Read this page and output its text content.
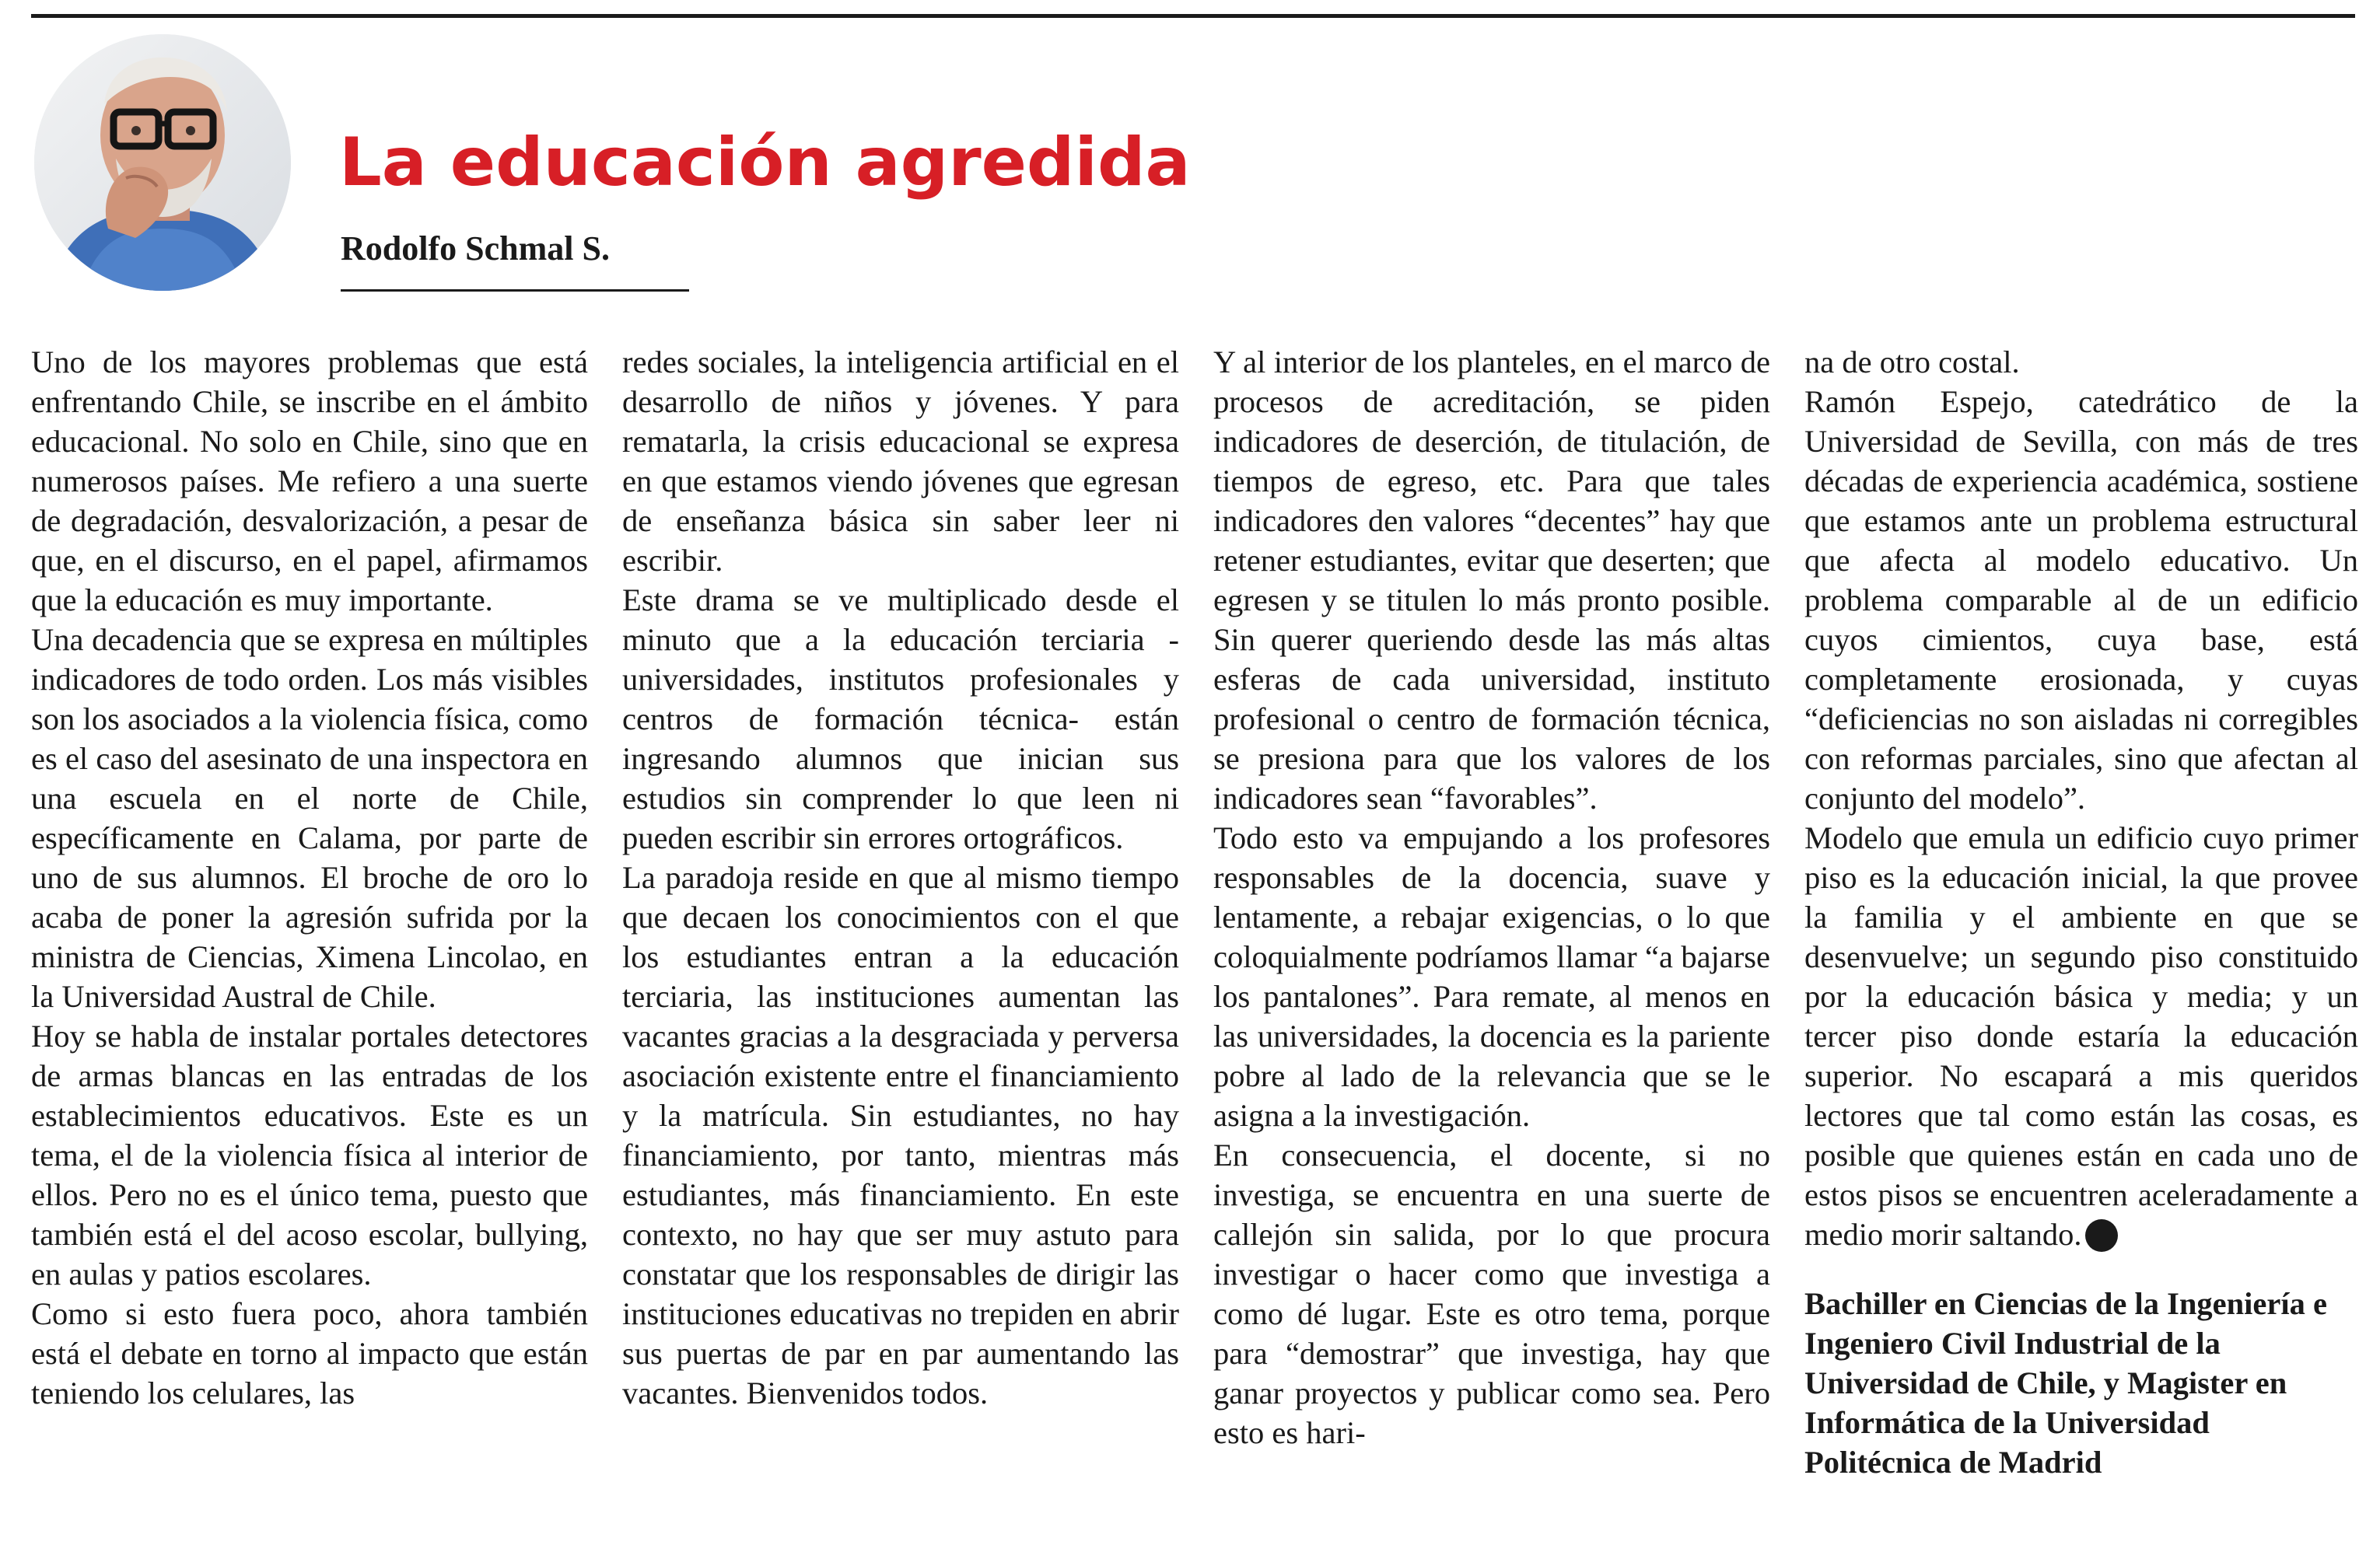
La educación agredida
Rodolfo Schmal S.

Uno de los mayores problemas que está enfrentando Chile, se inscribe en el ámbito educacional. No solo en Chile, sino que en numerosos países. Me refiero a una suerte de degradación, desvalorización, a pesar de que, en el discurso, en el papel, afirmamos que la educación es muy importante.

Una decadencia que se expresa en múltiples indicadores de todo orden. Los más visibles son los asociados a la violencia física, como es el caso del asesinato de una inspectora en una escuela en el norte de Chile, específicamente en Calama, por parte de uno de sus alumnos. El broche de oro lo acaba de poner la agresión sufrida por la ministra de Ciencias, Ximena Lincolao, en la Universidad Austral de Chile.

Hoy se habla de instalar portales detectores de armas blancas en las entradas de los establecimientos educativos. Este es un tema, el de la violencia física al interior de ellos. Pero no es el único tema, puesto que también está el del acoso escolar, bullying, en aulas y patios escolares.

Como si esto fuera poco, ahora también está el debate en torno al impacto que están teniendo los celulares, las

redes sociales, la inteligencia artificial en el desarrollo de niños y jóvenes. Y para rematarla, la crisis educacional se expresa en que estamos viendo jóvenes que egresan de enseñanza básica sin saber leer ni escribir.

Este drama se ve multiplicado desde el minuto que a la educación terciaria -universidades, institutos profesionales y centros de formación técnica- están ingresando alumnos que inician sus estudios sin comprender lo que leen ni pueden escribir sin errores ortográficos.

La paradoja reside en que al mismo tiempo que decaen los conocimientos con el que los estudiantes entran a la educación terciaria, las instituciones aumentan las vacantes gracias a la desgraciada y perversa asociación existente entre el financiamiento y la matrícula. Sin estudiantes, no hay financiamiento, por tanto, mientras más estudiantes, más financiamiento. En este contexto, no hay que ser muy astuto para constatar que los responsables de dirigir las instituciones educativas no trepiden en abrir sus puertas de par en par aumentando las vacantes. Bienvenidos todos.

Y al interior de los planteles, en el marco de procesos de acreditación, se piden indicadores de deserción, de titulación, de tiempos de egreso, etc. Para que tales indicadores den valores “decentes” hay que retener estudiantes, evitar que deserten; que egresen y se titulen lo más pronto posible. Sin querer queriendo desde las más altas esferas de cada universidad, instituto profesional o centro de formación técnica, se presiona para que los valores de los indicadores sean “favorables”.

Todo esto va empujando a los profesores responsables de la docencia, suave y lentamente, a rebajar exigencias, o lo que coloquialmente podríamos llamar “a bajarse los pantalones”. Para remate, al menos en las universidades, la docencia es la pariente pobre al lado de la relevancia que se le asigna a la investigación.

En consecuencia, el docente, si no investiga, se encuentra en una suerte de callejón sin salida, por lo que procura investigar o hacer como que investiga a como dé lugar. Este es otro tema, porque para “demostrar” que investiga, hay que ganar proyectos y publicar como sea. Pero esto es hari-

na de otro costal.

Ramón Espejo, catedrático de la Universidad de Sevilla, con más de tres décadas de experiencia académica, sostiene que estamos ante un problema estructural que afecta al modelo educativo. Un problema comparable al de un edificio cuyos cimientos, cuya base, está completamente erosionada, y cuyas “deficiencias no son aisladas ni corregibles con reformas parciales, sino que afectan al conjunto del modelo”.

Modelo que emula un edificio cuyo primer piso es la educación inicial, la que provee la familia y el ambiente en que se desenvuelve; un segundo piso constituido por la educación básica y media; y un tercer piso donde estaría la educación superior. No escapará a mis queridos lectores que tal como están las cosas, es posible que quienes están en cada uno de estos pisos se encuentren aceleradamente a medio morir saltando.

Bachiller en Ciencias de la Ingeniería e Ingeniero Civil Industrial de la Universidad de Chile, y Magister en Informática de la Universidad Politécnica de Madrid
